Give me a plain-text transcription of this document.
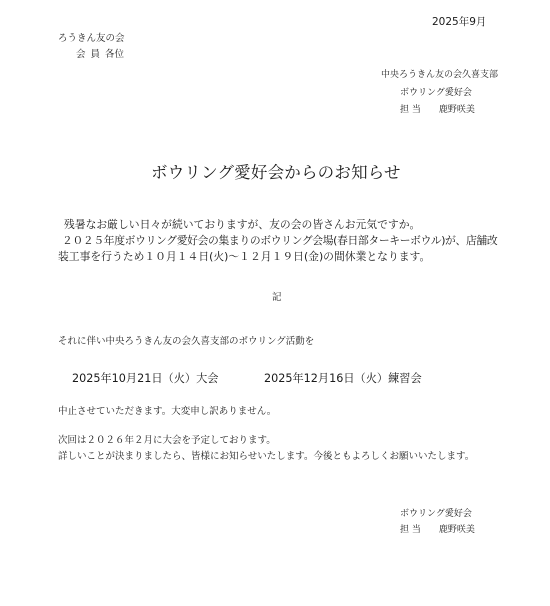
2025年9月
ろうきん友の会
会 員 各位
中央ろうきん友の会久喜支部
ボウリング愛好会
担 当　　鹿野咲美
ボウリング愛好会からのお知らせ
残暑なお厳しい日々が続いておりますが、友の会の皆さんお元気ですか。
２０２５年度ボウリング愛好会の集まりのボウリング会場(春日部ターキーボウル)が、店舗改
装工事を行うため１０月１４日(火)～１２月１９日(金)の間休業となります。
記
それに伴い中央ろうきん友の会久喜支部のボウリング活動を
2025年10月21日（火）大会	2025年12月16日（火）練習会
中止させていただきます。大変申し訳ありません。
次回は２０２６年２月に大会を予定しております。
詳しいことが決まりましたら、皆様にお知らせいたします。今後ともよろしくお願いいたします。
ボウリング愛好会
担 当　　鹿野咲美
